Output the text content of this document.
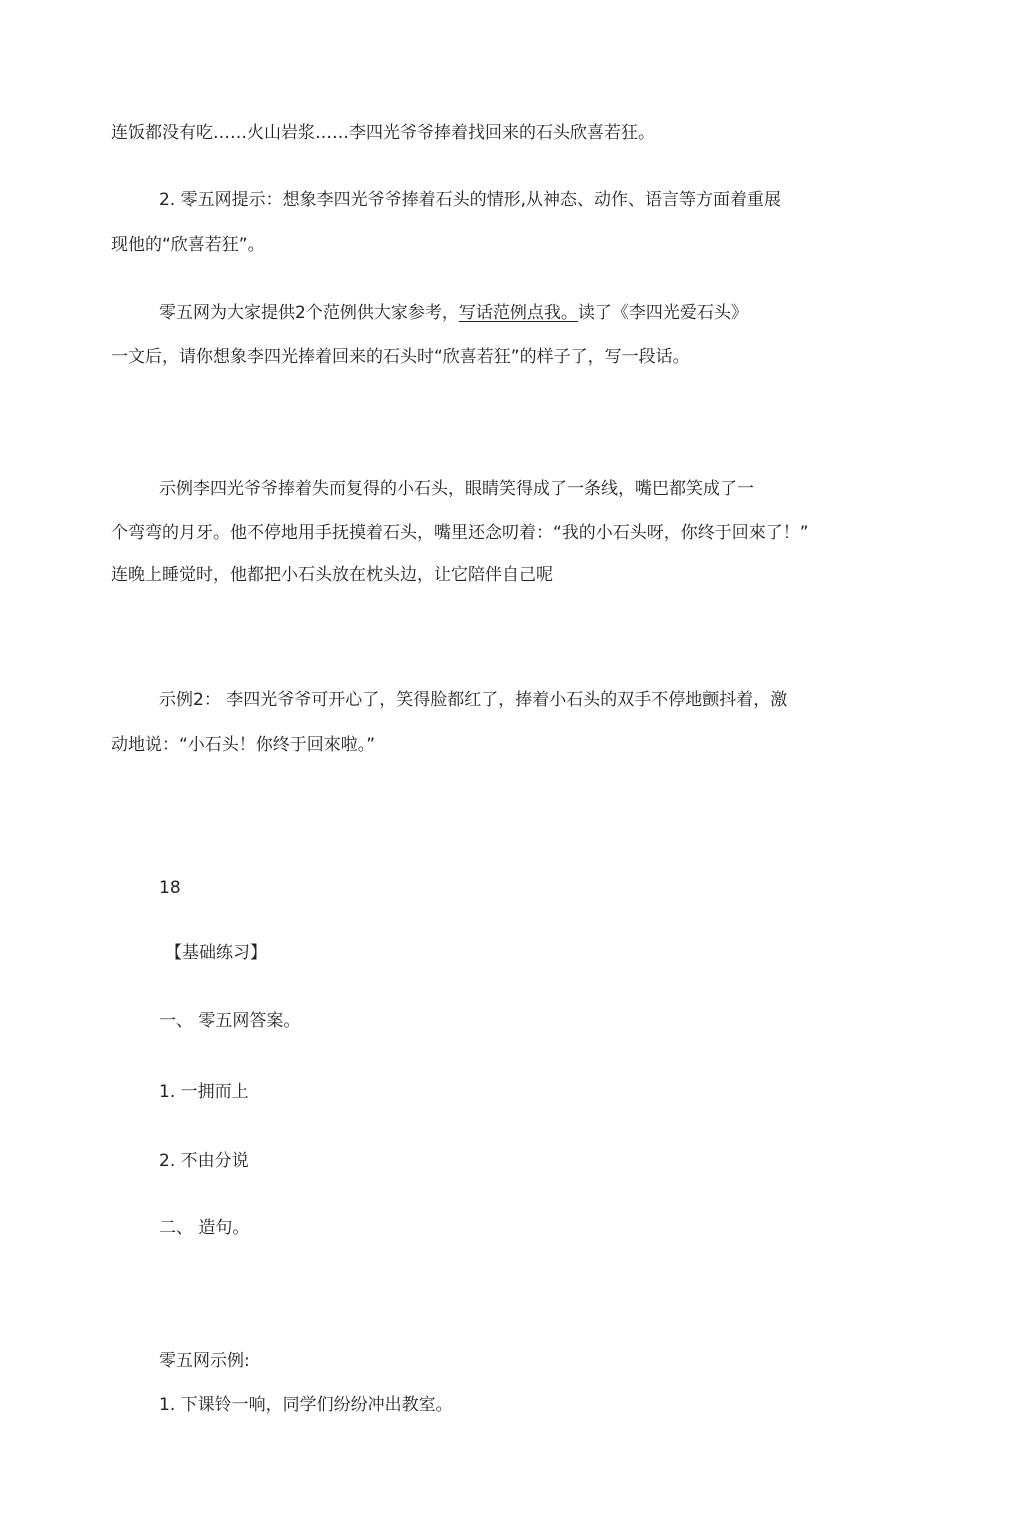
连饭都没有吃……火山岩浆……李四光爷爷捧着找回来的石头欣喜若狂。
2. 零五网提示：想象李四光爷爷捧着石头的情形,从神态、动作、语言等方面着重展
现他的“欣喜若狂”。
零五网为大家提供2个范例供大家参考，写话范例点我。读了《李四光爱石头》
一文后，请你想象李四光捧着回来的石头时“欣喜若狂”的样子了，写一段话。
示例李四光爷爷捧着失而复得的小石头，眼睛笑得成了一条线，嘴巴都笑成了一
个弯弯的月牙。他不停地用手抚摸着石头，嘴里还念叨着：“我的小石头呀，你终于回來了！”
连晚上睡觉时，他都把小石头放在枕头边，让它陪伴自己呢
示例2： 李四光爷爷可开心了，笑得脸都红了，捧着小石头的双手不停地颤抖着，激
动地说：“小石头！你终于回來啦。”
18
【基础练习】
一、 零五网答案。
1. 一拥而上
2. 不由分说
二、 造句。
零五网示例:
1. 下课铃一响，同学们纷纷冲出教室。
